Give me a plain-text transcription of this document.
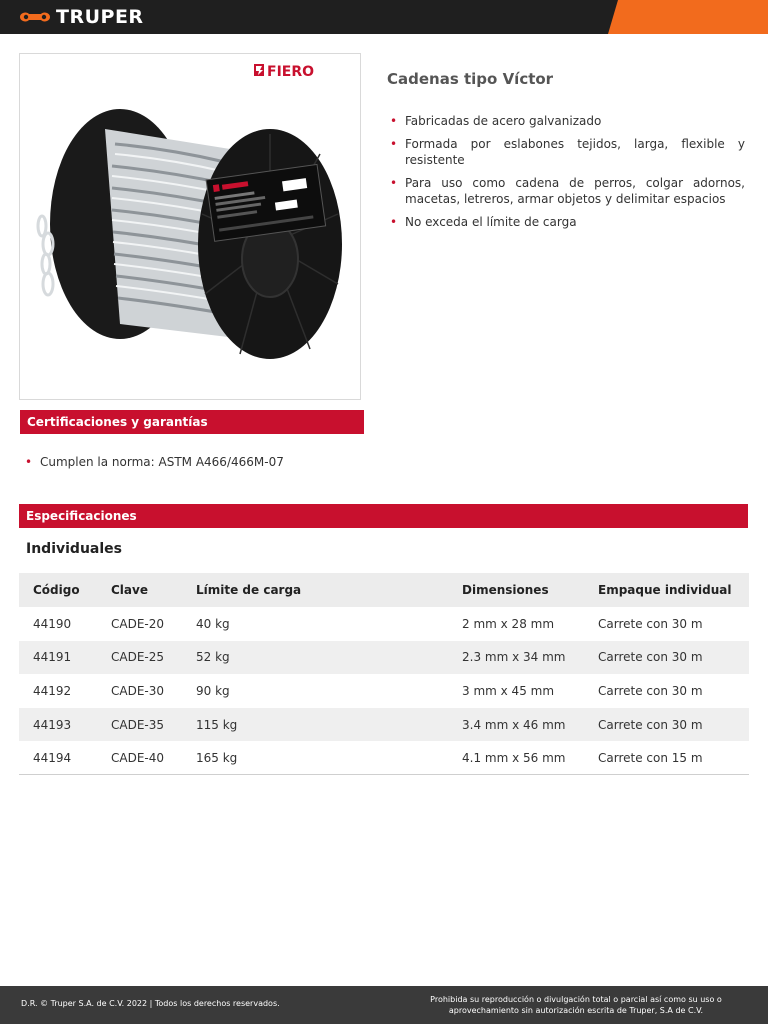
TRUPER
FIERO	Cadenas tipo Víctor
• Fabricadas de acero galvanizado
• Formada por eslabones tejidos, larga, flexible y resistente
• Para uso como cadena de perros, colgar adornos, macetas, letreros, armar objetos y delimitar espacios
• No exceda el límite de carga
Certificaciones y garantías
• Cumplen la norma: ASTM A466/466M-07
Especificaciones
Individuales
Código	Clave	Límite de carga	Dimensiones	Empaque individual
44190	CADE-20	40 kg	2 mm x 28 mm	Carrete con 30 m
44191	CADE-25	52 kg	2.3 mm x 34 mm	Carrete con 30 m
44192	CADE-30	90 kg	3 mm x 45 mm	Carrete con 30 m
44193	CADE-35	115 kg	3.4 mm x 46 mm	Carrete con 30 m
44194	CADE-40	165 kg	4.1 mm x 56 mm	Carrete con 15 m
D.R. © Truper S.A. de C.V. 2022 | Todos los derechos reservados.	Prohibida su reproducción o divulgación total o parcial así como su uso o
aprovechamiento sin autorización escrita de Truper, S.A de C.V.
